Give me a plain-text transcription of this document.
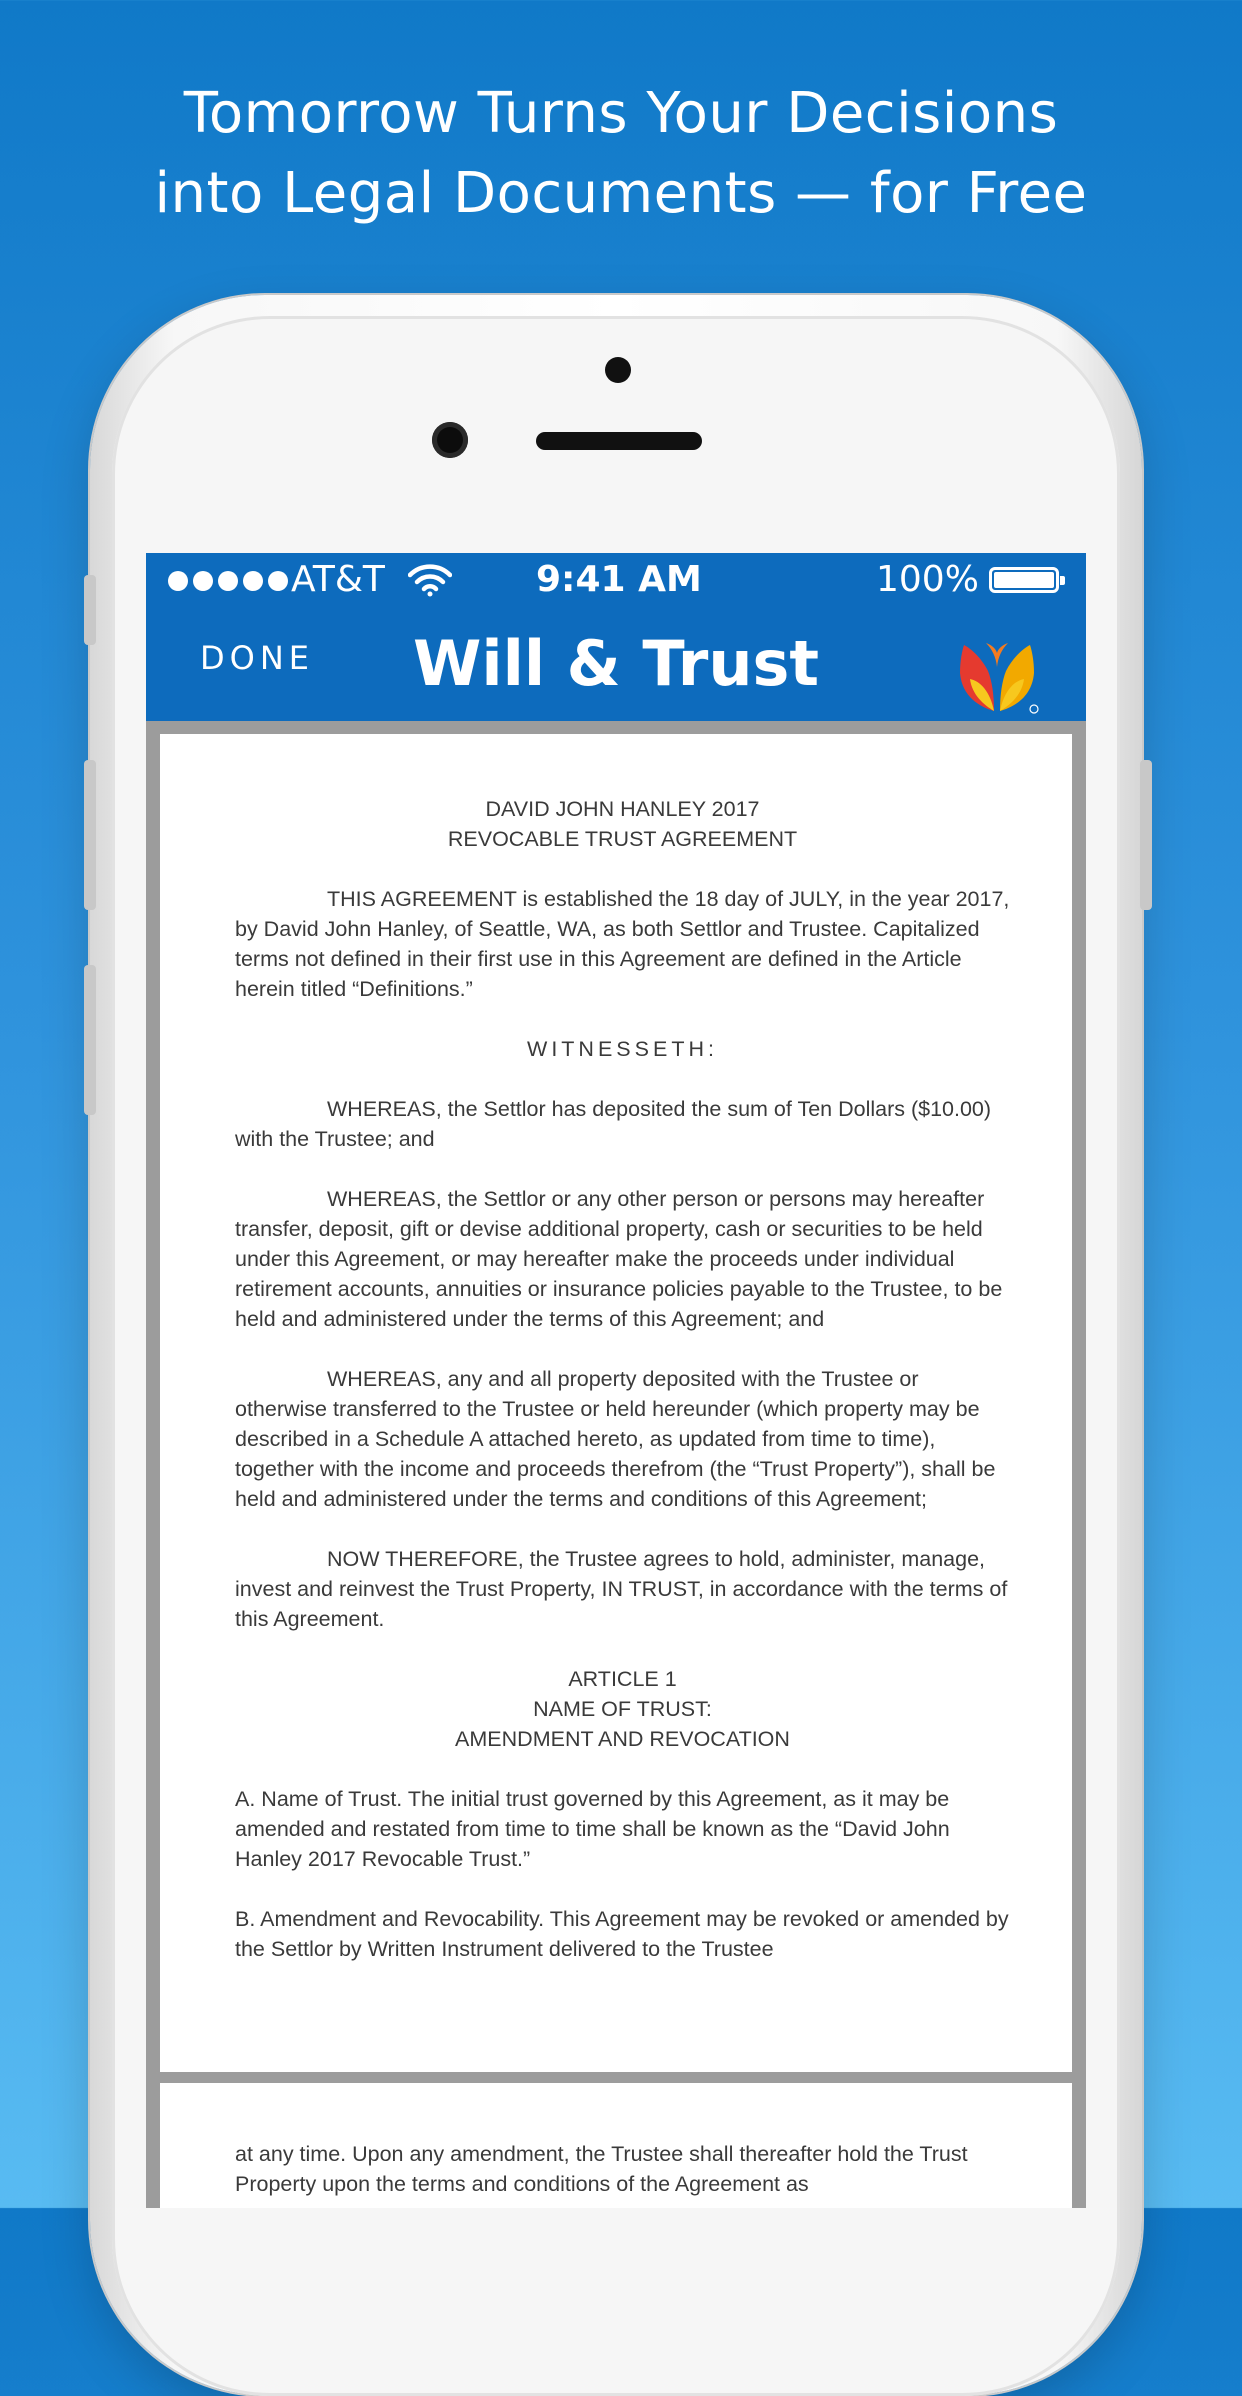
Tomorrow Turns Your Decisions
into Legal Documents — for Free
AT&T	9:41 AM	100%
DONE	Will & Trust
DAVID JOHN HANLEY 2017
REVOCABLE TRUST AGREEMENT

THIS AGREEMENT is established the 18 day of JULY, in the year 2017, by David John Hanley, of Seattle, WA, as both Settlor and Trustee. Capitalized terms not defined in their first use in this Agreement are defined in the Article herein titled “Definitions.”

WITNESSETH:

WHEREAS, the Settlor has deposited the sum of Ten Dollars ($10.00) with the Trustee; and

WHEREAS, the Settlor or any other person or persons may hereafter transfer, deposit, gift or devise additional property, cash or securities to be held under this Agreement, or may hereafter make the proceeds under individual retirement accounts, annuities or insurance policies payable to the Trustee, to be held and administered under the terms of this Agreement; and

WHEREAS, any and all property deposited with the Trustee or otherwise transferred to the Trustee or held hereunder (which property may be described in a Schedule A attached hereto, as updated from time to time), together with the income and proceeds therefrom (the “Trust Property”), shall be held and administered under the terms and conditions of this Agreement;

NOW THEREFORE, the Trustee agrees to hold, administer, manage, invest and reinvest the Trust Property, IN TRUST, in accordance with the terms of this Agreement.

ARTICLE 1
NAME OF TRUST:
AMENDMENT AND REVOCATION

A. Name of Trust. The initial trust governed by this Agreement, as it may be amended and restated from time to time shall be known as the “David John Hanley 2017 Revocable Trust.”

B. Amendment and Revocability. This Agreement may be revoked or amended by the Settlor by Written Instrument delivered to the Trustee

at any time. Upon any amendment, the Trustee shall thereafter hold the Trust Property upon the terms and conditions of the Agreement as
